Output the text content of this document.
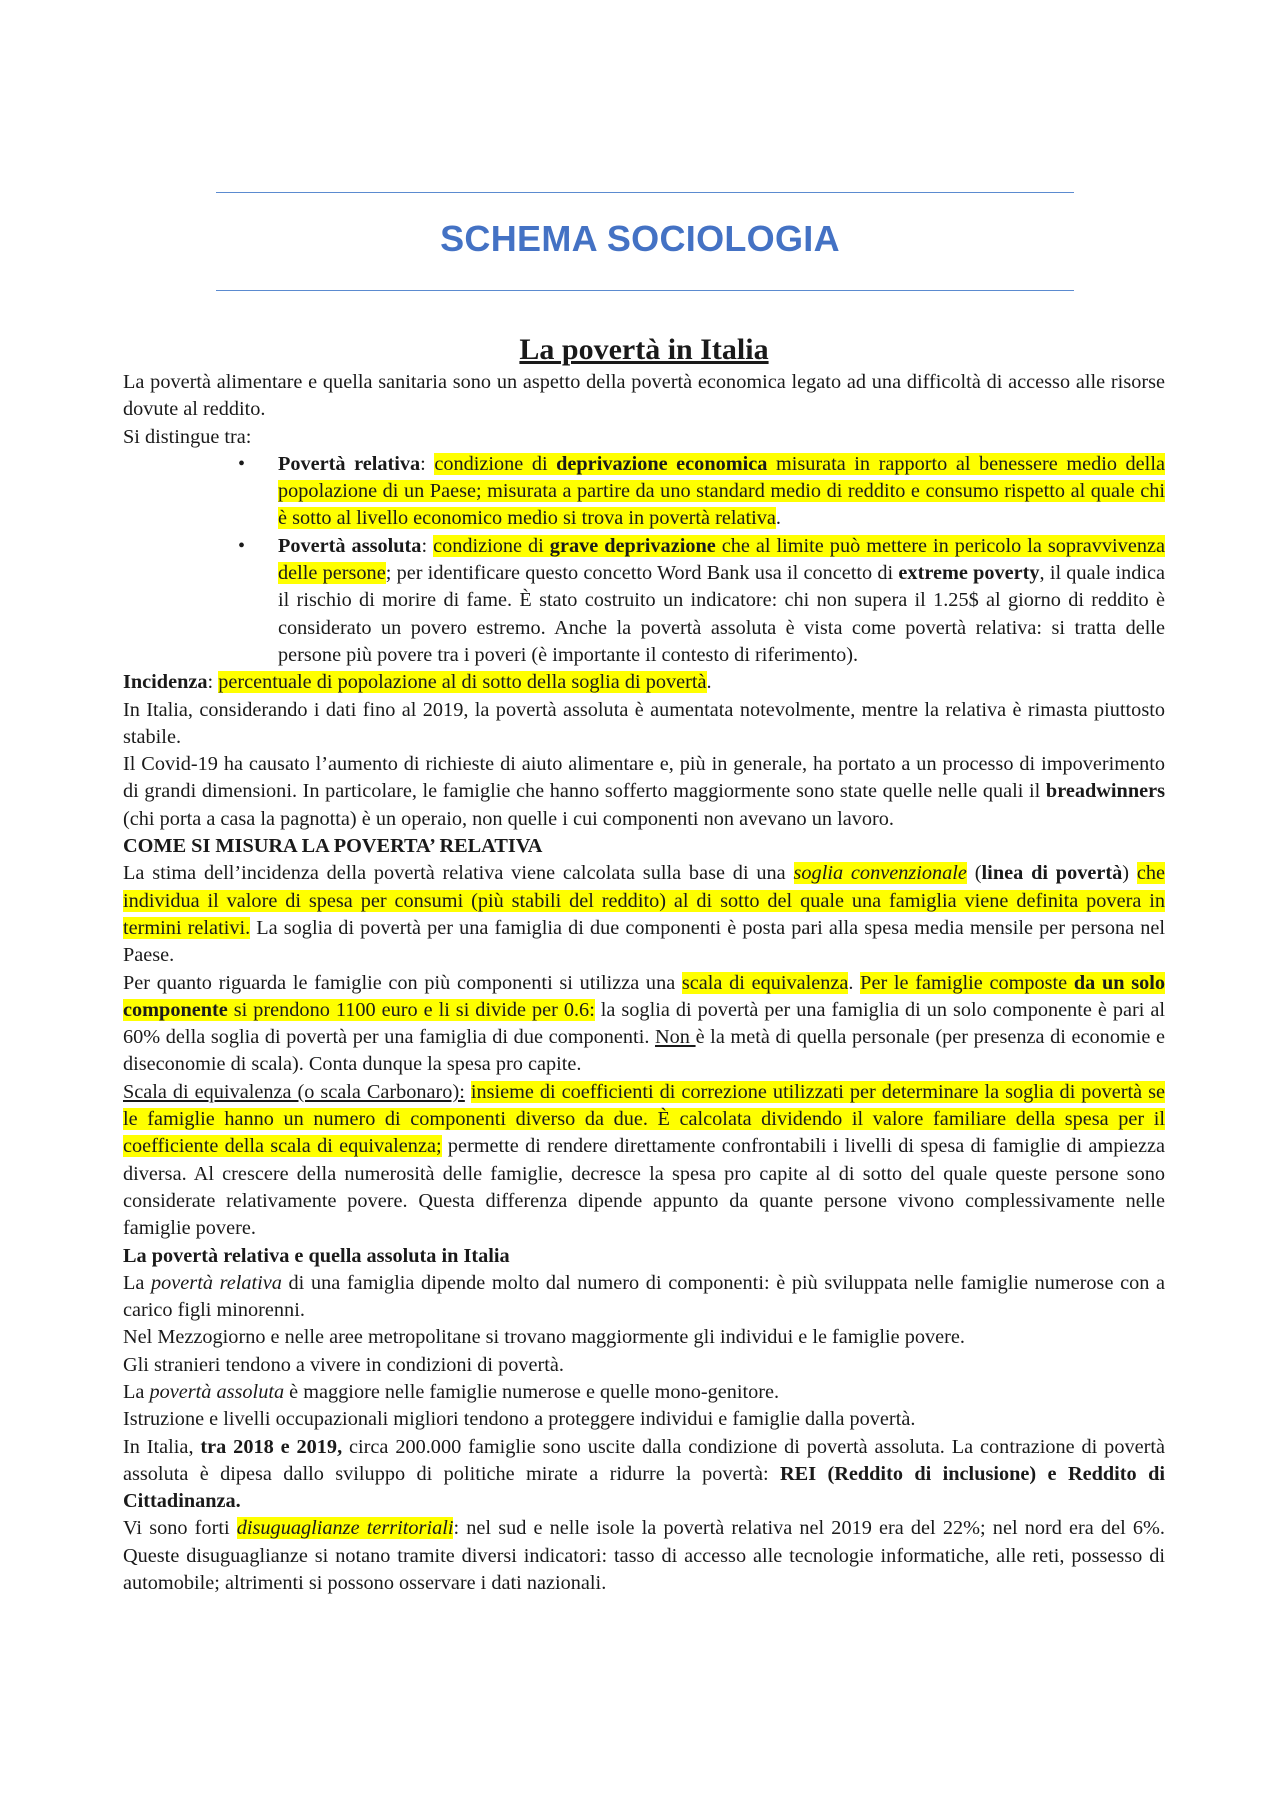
SCHEMA SOCIOLOGIA
La povertà in Italia

La povertà alimentare e quella sanitaria sono un aspetto della povertà economica legato ad una difficoltà di accesso alle risorse dovute al reddito.

Si distingue tra:

• Povertà relativa: condizione di deprivazione economica misurata in rapporto al benessere medio della popolazione di un Paese; misurata a partire da uno standard medio di reddito e consumo rispetto al quale chi è sotto al livello economico medio si trova in povertà relativa.
• Povertà assoluta: condizione di grave deprivazione che al limite può mettere in pericolo la sopravvivenza delle persone; per identificare questo concetto Word Bank usa il concetto di extreme poverty, il quale indica il rischio di morire di fame. È stato costruito un indicatore: chi non supera il 1.25$ al giorno di reddito è considerato un povero estremo. Anche la povertà assoluta è vista come povertà relativa: si tratta delle persone più povere tra i poveri (è importante il contesto di riferimento).

Incidenza: percentuale di popolazione al di sotto della soglia di povertà.

In Italia, considerando i dati fino al 2019, la povertà assoluta è aumentata notevolmente, mentre la relativa è rimasta piuttosto stabile.

Il Covid-19 ha causato l’aumento di richieste di aiuto alimentare e, più in generale, ha portato a un processo di impoverimento di grandi dimensioni. In particolare, le famiglie che hanno sofferto maggiormente sono state quelle nelle quali il breadwinners (chi porta a casa la pagnotta) è un operaio, non quelle i cui componenti non avevano un lavoro.

COME SI MISURA LA POVERTA’ RELATIVA

La stima dell’incidenza della povertà relativa viene calcolata sulla base di una soglia convenzionale (linea di povertà) che individua il valore di spesa per consumi (più stabili del reddito) al di sotto del quale una famiglia viene definita povera in termini relativi. La soglia di povertà per una famiglia di due componenti è posta pari alla spesa media mensile per persona nel Paese.

Per quanto riguarda le famiglie con più componenti si utilizza una scala di equivalenza. Per le famiglie composte da un solo componente si prendono 1100 euro e li si divide per 0.6: la soglia di povertà per una famiglia di un solo componente è pari al 60% della soglia di povertà per una famiglia di due componenti. Non è la metà di quella personale (per presenza di economie e diseconomie di scala). Conta dunque la spesa pro capite.

Scala di equivalenza (o scala Carbonaro): insieme di coefficienti di correzione utilizzati per determinare la soglia di povertà se le famiglie hanno un numero di componenti diverso da due. È calcolata dividendo il valore familiare della spesa per il coefficiente della scala di equivalenza; permette di rendere direttamente confrontabili i livelli di spesa di famiglie di ampiezza diversa. Al crescere della numerosità delle famiglie, decresce la spesa pro capite al di sotto del quale queste persone sono considerate relativamente povere. Questa differenza dipende appunto da quante persone vivono complessivamente nelle famiglie povere.

La povertà relativa e quella assoluta in Italia

La povertà relativa di una famiglia dipende molto dal numero di componenti: è più sviluppata nelle famiglie numerose con a carico figli minorenni.

Nel Mezzogiorno e nelle aree metropolitane si trovano maggiormente gli individui e le famiglie povere.

Gli stranieri tendono a vivere in condizioni di povertà.

La povertà assoluta è maggiore nelle famiglie numerose e quelle mono-genitore.

Istruzione e livelli occupazionali migliori tendono a proteggere individui e famiglie dalla povertà.

In Italia, tra 2018 e 2019, circa 200.000 famiglie sono uscite dalla condizione di povertà assoluta. La contrazione di povertà assoluta è dipesa dallo sviluppo di politiche mirate a ridurre la povertà: REI (Reddito di inclusione) e Reddito di Cittadinanza.

Vi sono forti disuguaglianze territoriali: nel sud e nelle isole la povertà relativa nel 2019 era del 22%; nel nord era del 6%. Queste disuguaglianze si notano tramite diversi indicatori: tasso di accesso alle tecnologie informatiche, alle reti, possesso di automobile; altrimenti si possono osservare i dati nazionali.
